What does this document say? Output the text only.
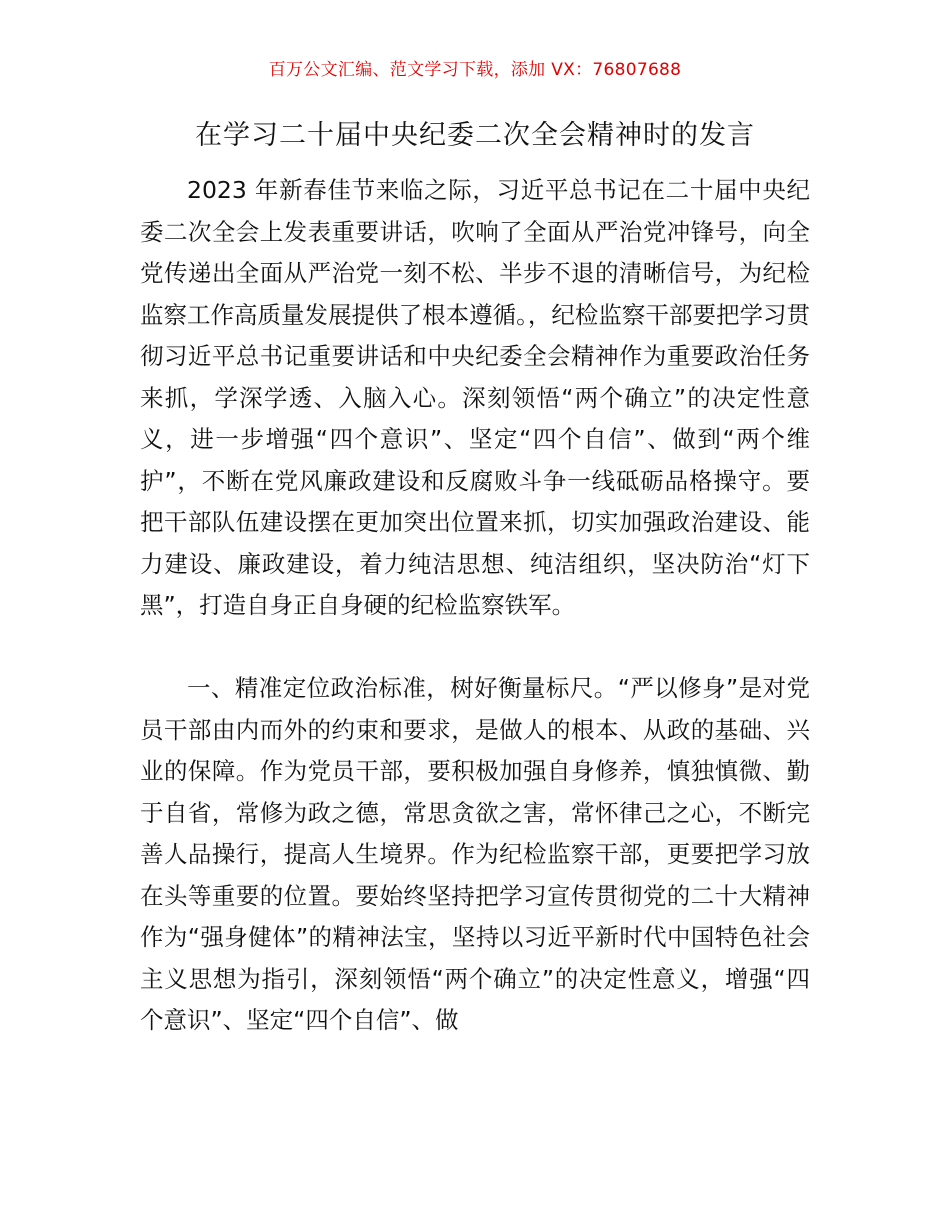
百万公文汇编、范文学习下载，添加 VX：76807688
在学习二十届中央纪委二次全会精神时的发言

2023 年新春佳节来临之际，习近平总书记在二十届中央纪委二次全会上发表重要讲话，吹响了全面从严治党冲锋号，向全党传递出全面从严治党一刻不松、半步不退的清晰信号，为纪检监察工作高质量发展提供了根本遵循。，纪检监察干部要把学习贯彻习近平总书记重要讲话和中央纪委全会精神作为重要政治任务来抓，学深学透、入脑入心。深刻领悟“两个确立”的决定性意义，进一步增强“四个意识”、坚定“四个自信”、做到“两个维护”，不断在党风廉政建设和反腐败斗争一线砥砺品格操守。要把干部队伍建设摆在更加突出位置来抓，切实加强政治建设、能力建设、廉政建设，着力纯洁思想、纯洁组织，坚决防治“灯下黑”，打造自身正自身硬的纪检监察铁军。

一、精准定位政治标准，树好衡量标尺。“严以修身”是对党员干部由内而外的约束和要求，是做人的根本、从政的基础、兴业的保障。作为党员干部，要积极加强自身修养，慎独慎微、勤于自省，常修为政之德，常思贪欲之害，常怀律己之心，不断完善人品操行，提高人生境界。作为纪检监察干部，更要把学习放在头等重要的位置。要始终坚持把学习宣传贯彻党的二十大精神作为“强身健体”的精神法宝，坚持以习近平新时代中国特色社会主义思想为指引，深刻领悟“两个确立”的决定性意义，增强“四个意识”、坚定“四个自信”、做
